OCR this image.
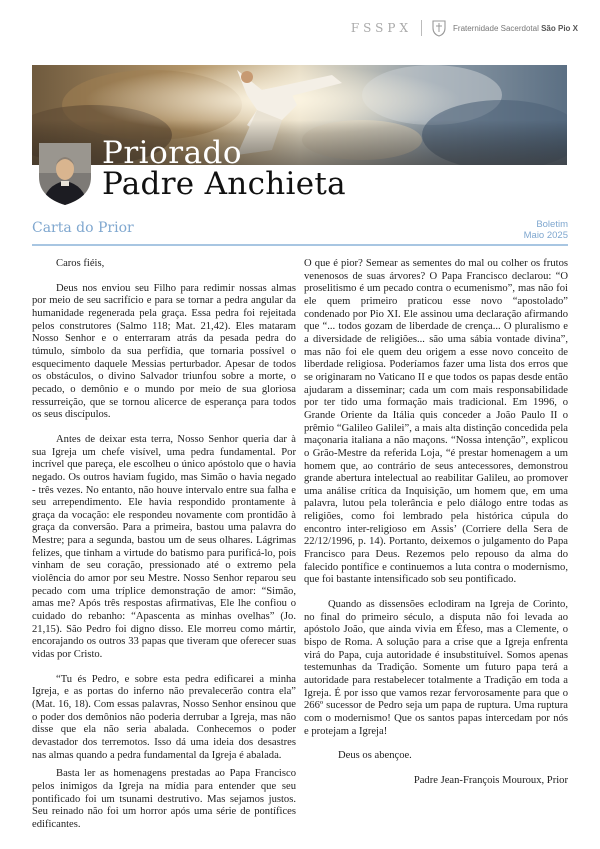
FSSPX	Fraternidade Sacerdotal São Pio X
Priorado
Padre Anchieta
Carta do Prior	Boletim
Maio 2025

Caros fiéis,

Deus nos enviou seu Filho para redimir nossas almas por meio de seu sacrifício e para se tornar a pedra angular da humanidade regenerada pela graça. Essa pedra foi rejeitada pelos construtores (Salmo 118; Mat. 21,42). Eles mataram Nosso Senhor e o enterraram atrás da pesada pedra do túmulo, símbolo da sua perfídia, que tornaria possível o esquecimento daquele Messias perturbador. Apesar de todos os obstáculos, o divino Salvador triunfou sobre a morte, o pecado, o demônio e o mundo por meio de sua gloriosa ressurreição, que se tornou alicerce de esperança para todos os seus discípulos.

Antes de deixar esta terra, Nosso Senhor queria dar à sua Igreja um chefe visível, uma pedra fundamental. Por incrível que pareça, ele escolheu o único apóstolo que o havia negado. Os outros haviam fugido, mas Simão o havia negado - três vezes. No entanto, não houve intervalo entre sua falha e seu arrependimento. Ele havia respondido prontamente à graça da vocação: ele respondeu novamente com prontidão à graça da conversão. Para a primeira, bastou uma palavra do Mestre; para a segunda, bastou um de seus olhares. Lágrimas felizes, que tinham a virtude do batismo para purificá-lo, pois vinham de seu coração, pressionado até o extremo pela violência do amor por seu Mestre. Nosso Senhor reparou seu pecado com uma tríplice demonstração de amor: “Simão, amas me? Após três respostas afirmativas, Ele lhe confiou o cuidado do rebanho: “Apascenta as minhas ovelhas” (Jo. 21,15). São Pedro foi digno disso. Ele morreu como mártir, encorajando os outros 33 papas que tiveram que oferecer suas vidas por Cristo.

“Tu és Pedro, e sobre esta pedra edificarei a minha Igreja, e as portas do inferno não prevalecerão contra ela” (Mat. 16, 18). Com essas palavras, Nosso Senhor ensinou que o poder dos demônios não poderia derrubar a Igreja, mas não disse que ela não seria abalada. Conhecemos o poder devastador dos terremotos. Isso dá uma ideia dos desastres nas almas quando a pedra fundamental da Igreja é abalada.

Basta ler as homenagens prestadas ao Papa Francisco pelos inimigos da Igreja na mídia para entender que seu pontificado foi um tsunami destrutivo. Mas sejamos justos. Seu reinado não foi um horror após uma série de pontífices edificantes.

O que é pior? Semear as sementes do mal ou colher os frutos venenosos de suas árvores? O Papa Francisco declarou: “O proselitismo é um pecado contra o ecumenismo”, mas não foi ele quem primeiro praticou esse novo “apostolado” condenado por Pio XI. Ele assinou uma declaração afirmando que “... todos gozam de liberdade de crença... O pluralismo e a diversidade de religiões... são uma sábia vontade divina”, mas não foi ele quem deu origem a esse novo conceito de liberdade religiosa. Poderíamos fazer uma lista dos erros que se originaram no Vaticano II e que todos os papas desde então ajudaram a disseminar; cada um com mais responsabilidade por ter tido uma formação mais tradicional. Em 1996, o Grande Oriente da Itália quis conceder a João Paulo II o prêmio “Galileo Galilei”, a mais alta distinção concedida pela maçonaria italiana a não maçons. “Nossa intenção”, explicou o Grão-Mestre da referida Loja, “é prestar homenagem a um homem que, ao contrário de seus antecessores, demonstrou grande abertura intelectual ao reabilitar Galileu, ao promover uma análise crítica da Inquisição, um homem que, em uma palavra, lutou pela tolerância e pelo diálogo entre todas as religiões, como foi lembrado pela histórica cúpula do encontro inter-religioso em Assis’ (Corriere della Sera de 22/12/1996, p. 14). Portanto, deixemos o julgamento do Papa Francisco para Deus. Rezemos pelo repouso da alma do falecido pontífice e continuemos a luta contra o modernismo, que foi bastante intensificado sob seu pontificado.

Quando as dissensões eclodiram na Igreja de Corinto, no final do primeiro século, a disputa não foi levada ao apóstolo João, que ainda vivia em Éfeso, mas a Clemente, o bispo de Roma. A solução para a crise que a Igreja enfrenta virá do Papa, cuja autoridade é insubstituível. Somos apenas testemunhas da Tradição. Somente um futuro papa terá a autoridade para restabelecer totalmente a Tradição em toda a Igreja. É por isso que vamos rezar fervorosamente para que o 266º sucessor de Pedro seja um papa de ruptura. Uma ruptura com o modernismo! Que os santos papas intercedam por nós e protejam a Igreja!

Deus os abençoe.

Padre Jean-François Mouroux, Prior
